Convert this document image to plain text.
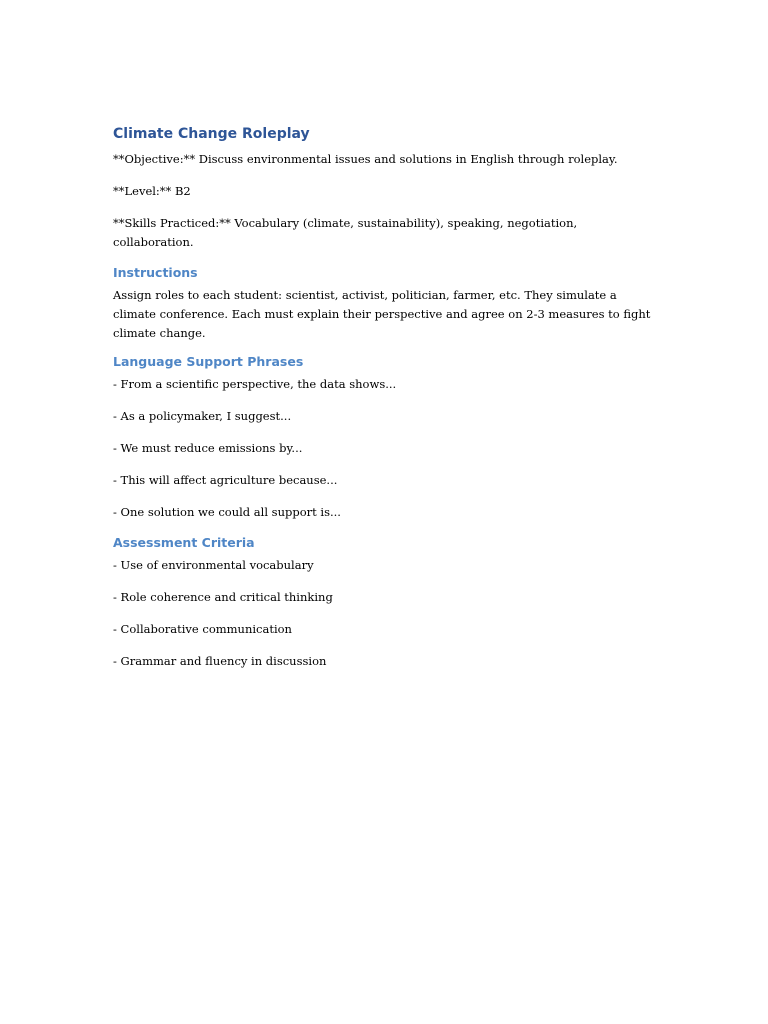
Climate Change Roleplay

**Objective:** Discuss environmental issues and solutions in English through roleplay.

**Level:** B2

**Skills Practiced:** Vocabulary (climate, sustainability), speaking, negotiation, collaboration.

Instructions

Assign roles to each student: scientist, activist, politician, farmer, etc. They simulate a climate conference. Each must explain their perspective and agree on 2-3 measures to fight climate change.

Language Support Phrases

- From a scientific perspective, the data shows...

- As a policymaker, I suggest...

- We must reduce emissions by...

- This will affect agriculture because...

- One solution we could all support is...

Assessment Criteria

- Use of environmental vocabulary

- Role coherence and critical thinking

- Collaborative communication

- Grammar and fluency in discussion
